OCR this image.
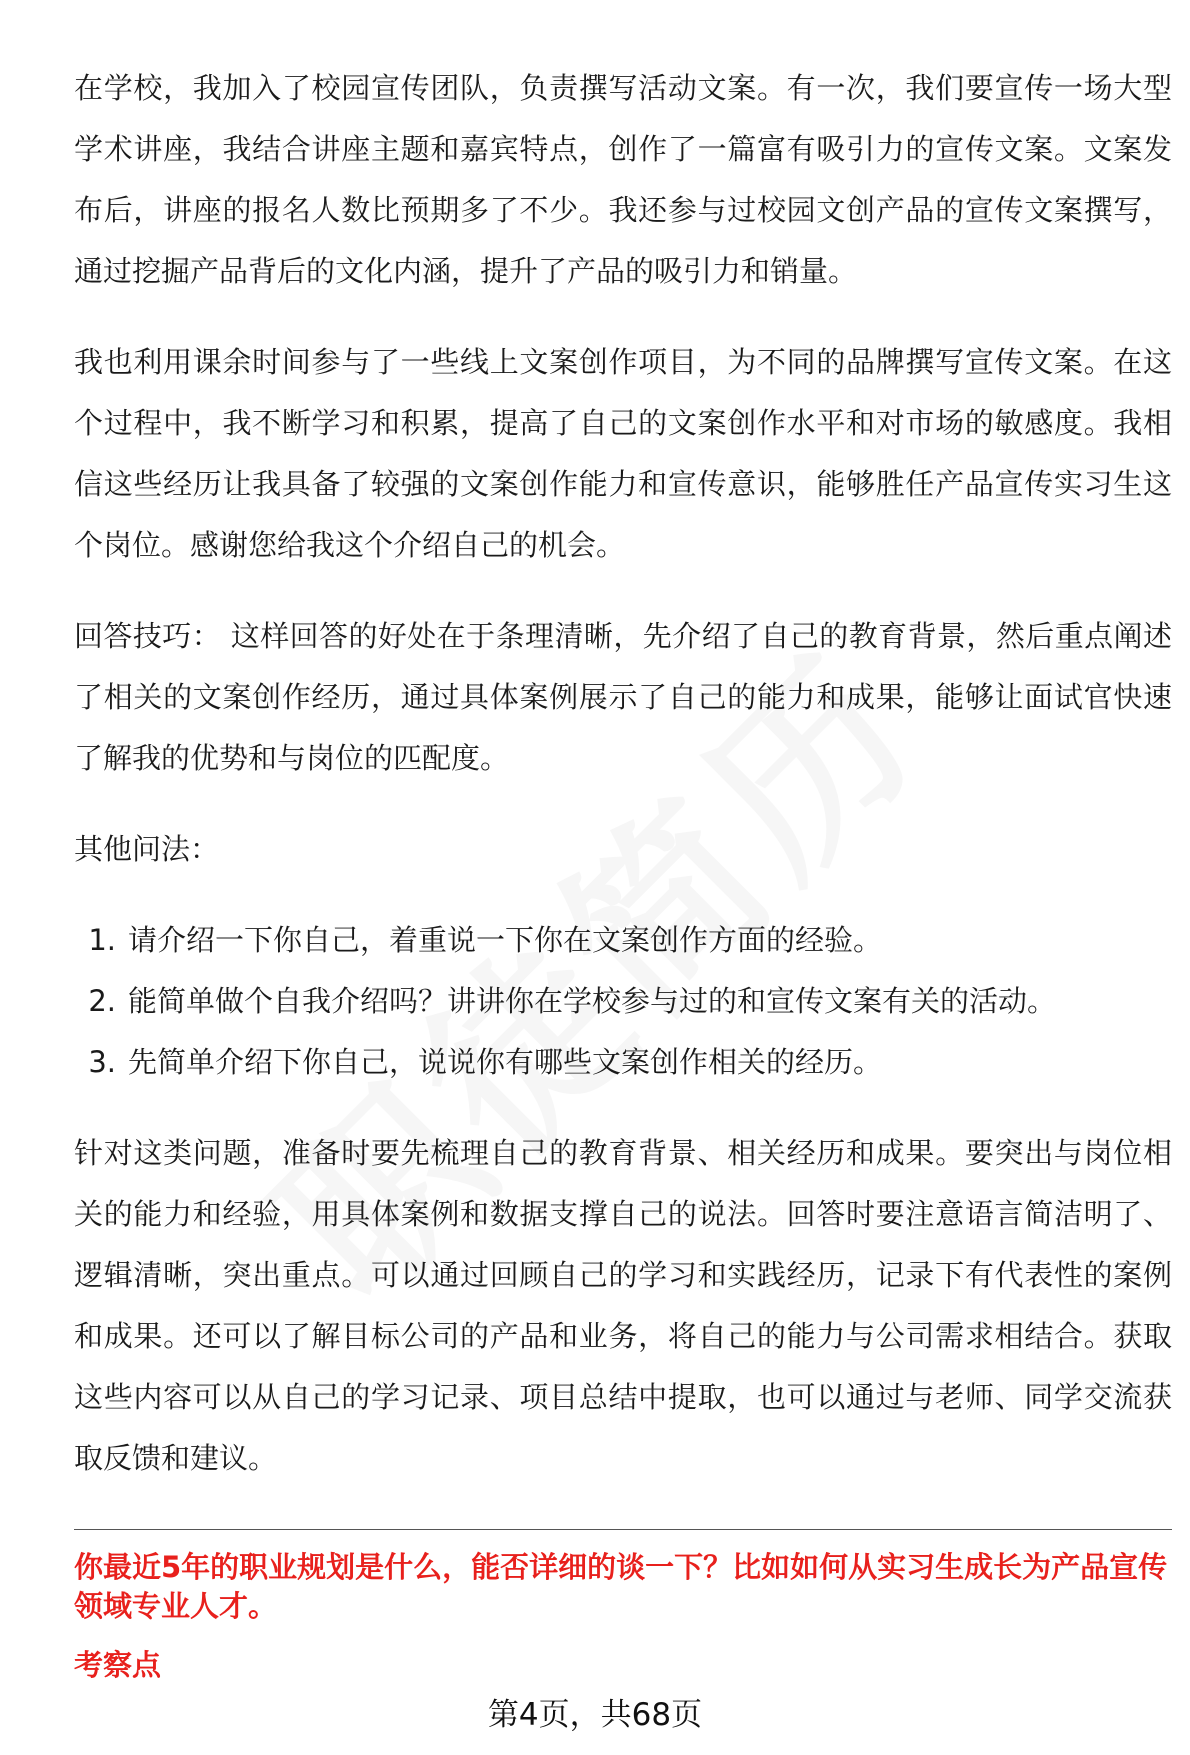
在学校，我加入了校园宣传团队，负责撰写活动文案。有一次，我们要宣传一场大型学术讲座，我结合讲座主题和嘉宾特点，创作了一篇富有吸引力的宣传文案。文案发布后，讲座的报名人数比预期多了不少。我还参与过校园文创产品的宣传文案撰写，通过挖掘产品背后的文化内涵，提升了产品的吸引力和销量。

我也利用课余时间参与了一些线上文案创作项目，为不同的品牌撰写宣传文案。在这个过程中，我不断学习和积累，提高了自己的文案创作水平和对市场的敏感度。我相信这些经历让我具备了较强的文案创作能力和宣传意识，能够胜任产品宣传实习生这个岗位。感谢您给我这个介绍自己的机会。

回答技巧： 这样回答的好处在于条理清晰，先介绍了自己的教育背景，然后重点阐述了相关的文案创作经历，通过具体案例展示了自己的能力和成果，能够让面试官快速了解我的优势和与岗位的匹配度。

其他问法：

1. 请介绍一下你自己，着重说一下你在文案创作方面的经验。
2. 能简单做个自我介绍吗？讲讲你在学校参与过的和宣传文案有关的活动。
3. 先简单介绍下你自己，说说你有哪些文案创作相关的经历。

针对这类问题，准备时要先梳理自己的教育背景、相关经历和成果。要突出与岗位相关的能力和经验，用具体案例和数据支撑自己的说法。回答时要注意语言简洁明了、逻辑清晰，突出重点。可以通过回顾自己的学习和实践经历，记录下有代表性的案例和成果。还可以了解目标公司的产品和业务，将自己的能力与公司需求相结合。获取这些内容可以从自己的学习记录、项目总结中提取，也可以通过与老师、同学交流获取反馈和建议。

你最近5年的职业规划是什么，能否详细的谈一下？比如如何从实习生成长为产品宣传领域专业人才。
考察点
第4页，共68页
